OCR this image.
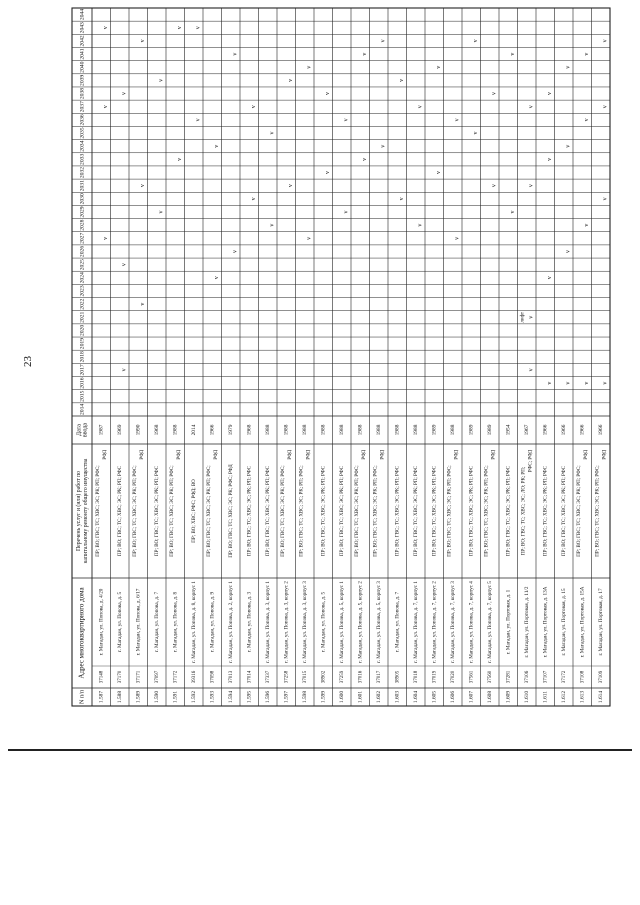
23
N п/п
Адрес многоквартирного дома
Перечень услуг и (или) работ по капитальному ремонту общего имущества
Дата ввода
2014
2015
2016
2017
2018
2019
2020
2021
2022
2023
2024
2025
2026
2027
2028
2029
2030
2031
2032
2033
2034
2035
2036
2037
2038
2039
2040
2041
2042
2043
2044
1.587
37148
г. Магадан, ул. Попова, д. 4/20
ПР; ВО; ГВС; ТС; ХВС; ЭС; РК; РП; РФС;
РФД
1987
1.588
37170
г. Магадан, ул. Попова, д. 5
ПР; ВО; ГВС; ТС; ХВС; ЭС; РК; РП; РФС
1969
1.589
37171
г. Магадан, ул. Попова, д. 6/17
ПР; ВО; ГВС; ТС; ХВС; ЭС; РК; РП; РФС;
РФД
1990
1.590
37097
г. Магадан, ул. Попова, д. 7
ПР; ВО; ГВС; ТС; ХВС; ЭС; РК; РП; РФС
1968
1.591
37172
г. Магадан, ул. Попова, д. 8
ПР; ВО; ГВС; ТС; ХВС; ЭС; РК; РП; РФС;
РФД
1988
1.592
39316
г. Магадан, ул. Попова, д. 8, корпус 1
ПР; ВО; ХВС; РФС; РФД; ВО
2014
1.593
37098
г. Магадан, ул. Попова, д. 9
ПР; ВО; ГВС; ТС; ХВС; ЭС; РК; РП; РФС;
РФД
1966
1.594
37013
г. Магадан, ул. Попова, д. 2, корпус 1
ПР; ВО; ГВС; ТС; ХВС; ЭС; РК; РФС; РФД
1979
1.595
37014
г. Магадан, ул. Попова, д. 3
ПР; ВО; ГВС; ТС; ХВС; ЭС; РК; РП; РФС
1968
1.596
37337
г. Магадан, ул. Попова, д. 3, корпус 1
ПР; ВО; ГВС; ТС; ХВС; ЭС; РК; РП; РФС
1988
1.597
37258
г. Магадан, ул. Попова, д. 3, корпус 2
ПР; ВО; ГВС; ТС; ХВС; ЭС; РК; РП; РФС;
РФД
1988
1.598
37015
г. Магадан, ул. Попова, д. 3, корпус 3
ПР; ВО; ГВС; ТС; ХВС; ЭС; РК; РП; РФС;
РФД
1988
1.599
38902
г. Магадан, ул. Попова, д. 5
ПР; ВО; ГВС; ТС; ХВС; ЭС; РК; РП; РФС
1988
1.600
37259
г. Магадан, ул. Попова, д. 5, корпус 1
ПР; ВО; ГВС; ТС; ХВС; ЭС; РК; РП; РФС
1988
1.601
37016
г. Магадан, ул. Попова, д. 5, корпус 2
ПР; ВО; ГВС; ТС; ХВС; ЭС; РК; РП; РФС;
РФД
1988
1.602
37017
г. Магадан, ул. Попова, д. 5, корпус 3
ПР; ВО; ГВС; ТС; ХВС; ЭС; РК; РП; РФС;
РФД
1988
1.603
38905
г. Магадан, ул. Попова, д. 7
ПР; ВО; ГВС; ТС; ХВС; ЭС; РК; РП; РФС
1988
1.604
37018
г. Магадан, ул. Попова, д. 7, корпус 1
ПР; ВО; ГВС; ТС; ХВС; ЭС; РК; РП; РФС
1988
1.605
37019
г. Магадан, ул. Попова, д. 7, корпус 2
ПР; ВО; ГВС; ТС; ХВС; ЭС; РК; РП; РФС
1989
1.606
37020
г. Магадан, ул. Попова, д. 7, корпус 3
ПР; ВО; ГВС; ТС; ХВС; ЭС; РК; РП; РФС;
РФД
1988
1.607
37561
г. Магадан, ул. Попова, д. 7, корпус 4
ПР; ВО; ГВС; ТС; ХВС; ЭС; РК; РП; РФС
1989
1.608
37560
г. Магадан, ул. Попова, д. 7, корпус 5
ПР; ВО; ГВС; ТС; ХВС; ЭС; РК; РП; РФС;
РФД
1989
1.609
37281
г. Магадан, ул. Портовая, д. 1
ПР; ВО; ГВС; ТС; ХВС; ЭС; РК; РП; РФС
1954
1.610
37106
г. Магадан, ул. Портовая, д. 11/2
ПР; ВО; ГВС; ТС; ХВС; ЭС; ЛО; РК; РП;
РФС; РФД
1967
1.611
37107
г. Магадан, ул. Портовая, д. 13А
ПР; ВО; ГВС; ТС; ХВС; ЭС; РК; РП; РФС
1966
1.612
37172
г. Магадан, ул. Портовая, д. 15
ПР; ВО; ГВС; ТС; ХВС; ЭС; РК; РП; РФС
1966
1.613
37108
г. Магадан, ул. Портовая, д. 15А
ПР; ВО; ГВС; ТС; ХВС; ЭС; РК; РП; РФС;
РФД
1966
1.614
37109
г. Магадан, ул. Портовая, д. 17
ПР; ВО; ГВС; ТС; ХВС; ЭС; РК; РП; РФС;
РФД
1966
v
v
v
v
v
v
v
v
v
v
v
v
v
v
v
v
v
v
v
v
v
v
v
v
v
v
v
v
v
v
v
v
v
v
v
v
v
v
v
v
v
v
v
v
v
v
v
v
v
v
v
v
v
v
v
v
v
v
v
v
v
v
v
v
v
v
v
v
v
лифт
